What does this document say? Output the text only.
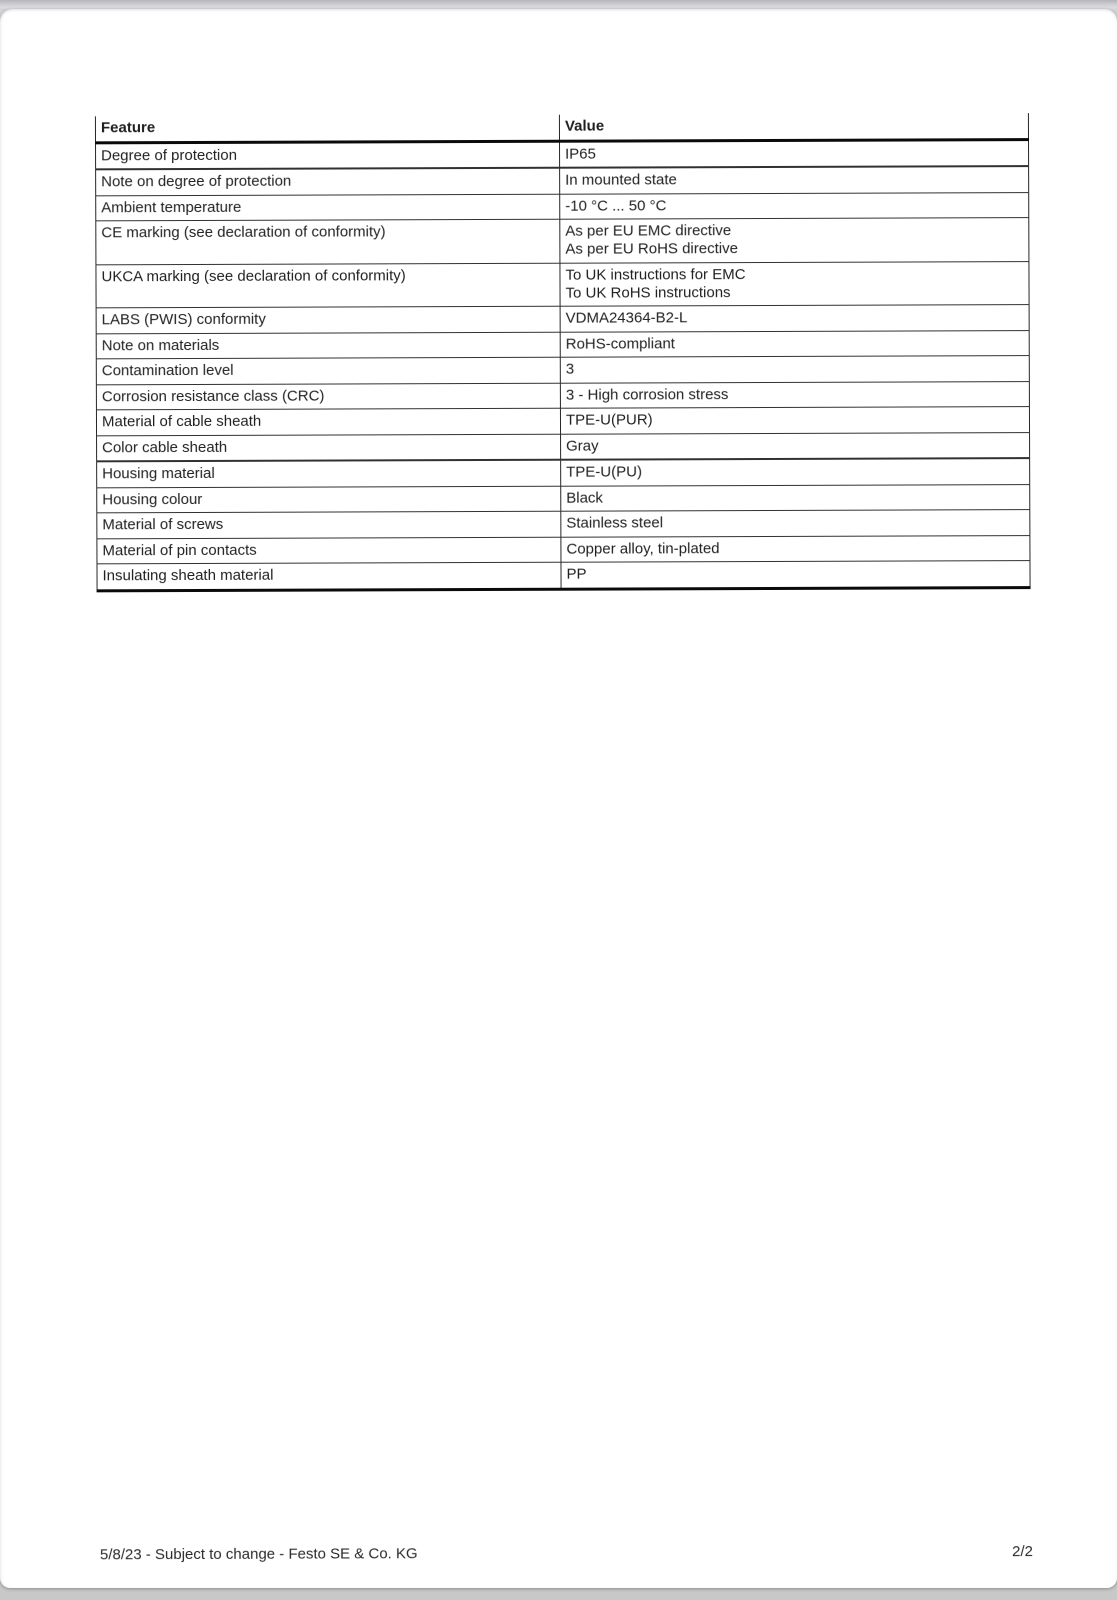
Feature	Value
Degree of protection	IP65

Note on degree of protection	In mounted state

Ambient temperature	-10 °C ... 50 °C

CE marking (see declaration of conformity)	As per EU EMC directive
As per EU RoHS directive

UKCA marking (see declaration of conformity)	To UK instructions for EMC
To UK RoHS instructions

LABS (PWIS) conformity	VDMA24364-B2-L

Note on materials	RoHS-compliant

Contamination level	3

Corrosion resistance class (CRC)	3 - High corrosion stress

Material of cable sheath	TPE-U(PUR)

Color cable sheath	Gray

Housing material	TPE-U(PU)

Housing colour	Black

Material of screws	Stainless steel

Material of pin contacts	Copper alloy, tin-plated

Insulating sheath material	PP
5/8/23 - Subject to change - Festo SE & Co. KG	2/2
